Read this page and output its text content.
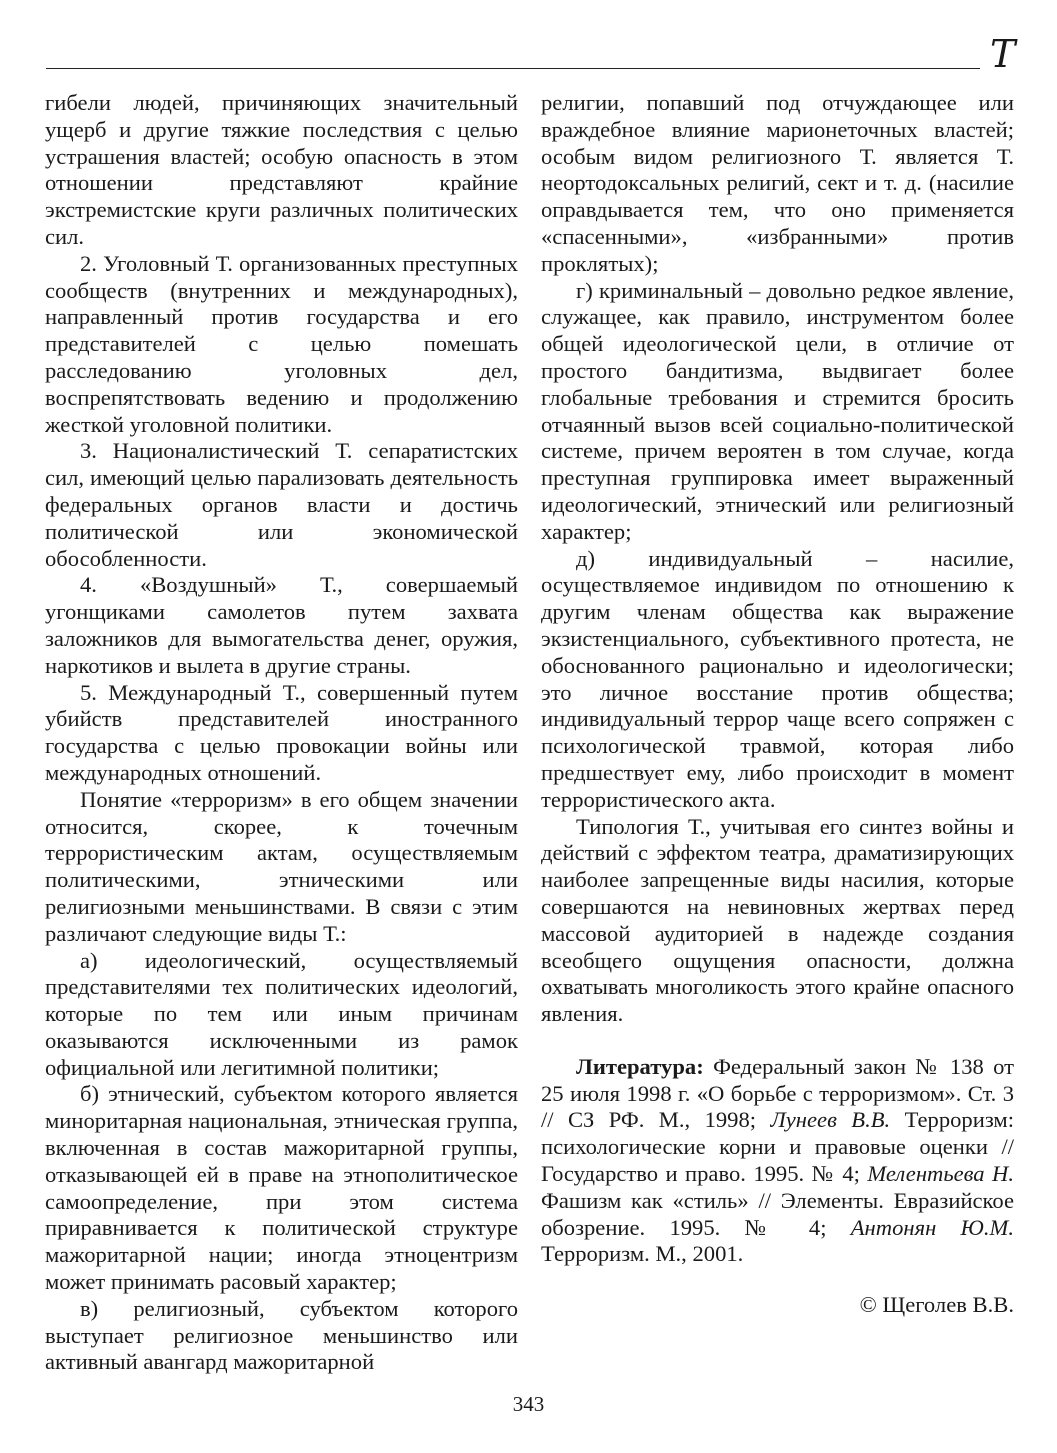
Т

гибели людей, причиняющих значительный ущерб и другие тяжкие последствия с целью устрашения властей; особую опасность в этом отношении представляют крайние экстремистские круги различных политических сил.

2. Уголовный Т. организованных преступных сообществ (внутренних и международных), направленный против государства и его представителей с целью помешать расследованию уголовных дел, воспрепятствовать ведению и продолжению жесткой уголовной политики.

3. Националистический Т. сепаратистских сил, имеющий целью парализовать деятельность федеральных органов власти и достичь политической или экономической обособленности.

4. «Воздушный» Т., совершаемый угонщиками самолетов путем захвата заложников для вымогательства денег, оружия, наркотиков и вылета в другие страны.

5. Международный Т., совершенный путем убийств представителей иностранного государства с целью провокации войны или международных отношений.

Понятие «терроризм» в его общем значении относится, скорее, к точечным террористическим актам, осуществляемым политическими, этническими или религиозными меньшинствами. В связи с этим различают следующие виды Т.:

а) идеологический, осуществляемый представителями тех политических идеологий, которые по тем или иным причинам оказываются исключенными из рамок официальной или легитимной политики;

б) этнический, субъектом которого является миноритарная национальная, этническая группа, включенная в состав мажоритарной группы, отказывающей ей в праве на этнополитическое самоопределение, при этом система приравнивается к политической структуре мажоритарной нации; иногда этноцентризм может принимать расовый характер;

в) религиозный, субъектом которого выступает религиозное меньшинство или активный авангард мажоритарной

религии, попавший под отчуждающее или враждебное влияние марионеточных властей; особым видом религиозного Т. является Т. неортодоксальных религий, сект и т. д. (насилие оправдывается тем, что оно применяется «спасенными», «избранными» против проклятых);

г) криминальный – довольно редкое явление, служащее, как правило, инструментом более общей идеологической цели, в отличие от простого бандитизма, выдвигает более глобальные требования и стремится бросить отчаянный вызов всей социально-политической системе, причем вероятен в том случае, когда преступная группировка имеет выраженный идеологический, этнический или религиозный характер;

д) индивидуальный – насилие, осуществляемое индивидом по отношению к другим членам общества как выражение экзистенциального, субъективного протеста, не обоснованного рационально и идеологически; это личное восстание против общества; индивидуальный террор чаще всего сопряжен с психологической травмой, которая либо предшествует ему, либо происходит в момент террористического акта.

Типология Т., учитывая его синтез войны и действий с эффектом театра, драматизирующих наиболее запрещенные виды насилия, которые совершаются на невиновных жертвах перед массовой аудиторией в надежде создания всеобщего ощущения опасности, должна охватывать многоликость этого крайне опасного явления.

Литература: Федеральный закон № 138 от 25 июля 1998 г. «О борьбе с терроризмом». Ст. 3 // СЗ РФ. М., 1998; Лунеев В.В. Терроризм: психологические корни и правовые оценки // Государство и право. 1995. № 4; Мелентьева Н. Фашизм как «стиль» // Элементы. Евразийское обозрение. 1995. № 4; Антонян Ю.М. Терроризм. М., 2001.

© Щеголев В.В.

343
